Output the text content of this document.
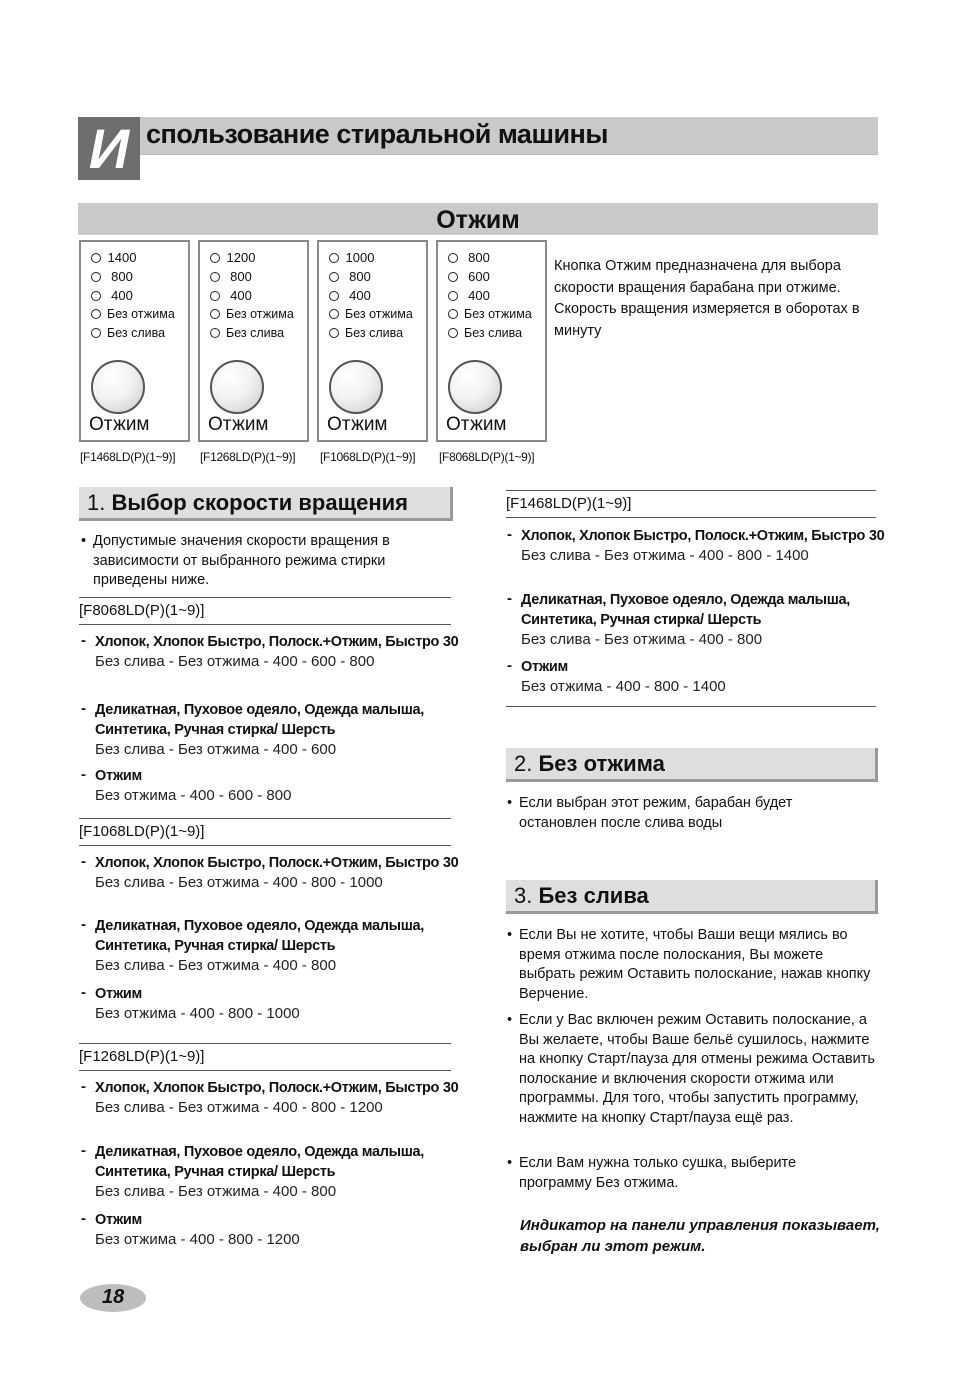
И спользование стиральной машины
Отжим
1400
800
400
Без отжима
Без слива
Отжим
1200
800
400
Без отжима
Без слива
Отжим
1000
800
400
Без отжима
Без слива
Отжим
800
600
400
Без отжима
Без слива
Отжим
[F1468LD(P)(1~9)] [F1268LD(P)(1~9)] [F1068LD(P)(1~9)] [F8068LD(P)(1~9)]
Кнопка Отжим предназначена для выбора скорости вращения барабана при отжиме. Скорость вращения измеряется в оборотах в минуту
1. Выбор скорости вращения
• Допустимые значения скорости вращения в зависимости от выбранного режима стирки приведены ниже.
[F8068LD(P)(1~9)]
- Хлопок, Хлопок Быстро, Полоск.+Отжим, Быстро 30
Без слива - Без отжима - 400 - 600 - 800
- Деликатная, Пуховое одеяло, Одежда малыша, Синтетика, Ручная стирка/ Шерсть
Без слива - Без отжима - 400 - 600
- Отжим
Без отжима - 400 - 600 - 800
[F1068LD(P)(1~9)]
- Хлопок, Хлопок Быстро, Полоск.+Отжим, Быстро 30
Без слива - Без отжима - 400 - 800 - 1000
- Деликатная, Пуховое одеяло, Одежда малыша, Синтетика, Ручная стирка/ Шерсть
Без слива - Без отжима - 400 - 800
- Отжим
Без отжима - 400 - 800 - 1000
[F1268LD(P)(1~9)]
- Хлопок, Хлопок Быстро, Полоск.+Отжим, Быстро 30
Без слива - Без отжима - 400 - 800 - 1200
- Деликатная, Пуховое одеяло, Одежда малыша, Синтетика, Ручная стирка/ Шерсть
Без слива - Без отжима - 400 - 800
- Отжим
Без отжима - 400 - 800 - 1200
[F1468LD(P)(1~9)]
- Хлопок, Хлопок Быстро, Полоск.+Отжим, Быстро 30
Без слива - Без отжима - 400 - 800 - 1400
- Деликатная, Пуховое одеяло, Одежда малыша, Синтетика, Ручная стирка/ Шерсть
Без слива - Без отжима - 400 - 800
- Отжим
Без отжима - 400 - 800 - 1400
2. Без отжима
• Если выбран этот режим, барабан будет остановлен после слива воды
3. Без слива
• Если Вы не хотите, чтобы Ваши вещи мялись во время отжима после полоскания, Вы можете выбрать режим Оставить полоскание, нажав кнопку Верчение.
• Если у Вас включен режим Оставить полоскание, а Вы желаете, чтобы Ваше бельё сушилось, нажмите на кнопку Старт/пауза для отмены режима Оставить полоскание и включения скорости отжима или программы. Для того, чтобы запустить программу, нажмите на кнопку Старт/пауза ещё раз.
• Если Вам нужна только сушка, выберите программу Без отжима.
Индикатор на панели управления показывает, выбран ли этот режим.
18
